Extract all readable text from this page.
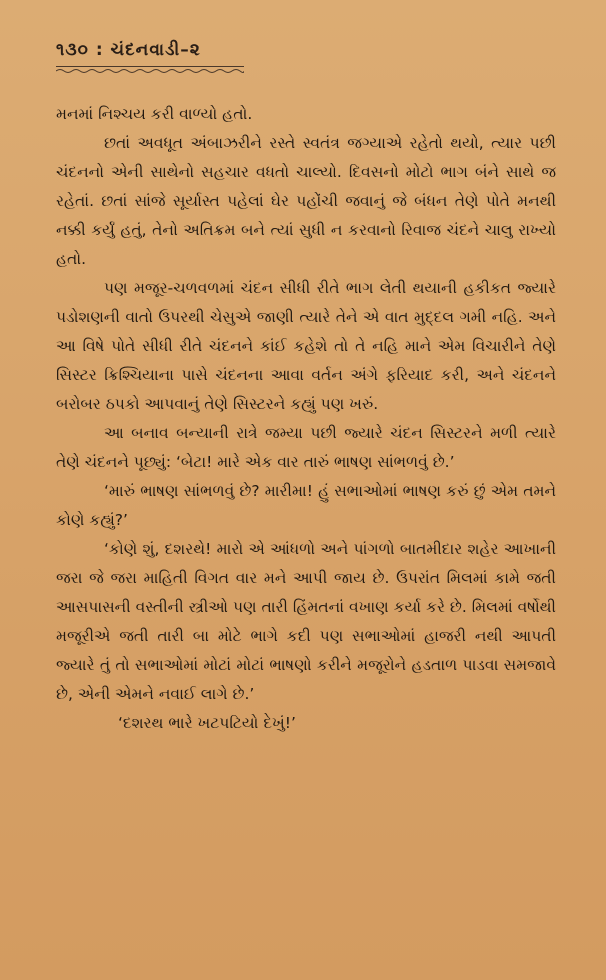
૧૩૦ : ચંદનવાડી–૨

મનમાં નિશ્ચય કરી વાળ્યો હતો.

છતાં અવધૂત અંબાઝરીને રસ્તે સ્વતંત્ર જગ્યાએ રહેતો થયો, ત્યાર પછી ચંદનનો એની સાથેનો સહચાર વધતો ચાલ્યો. દિવસનો મોટો ભાગ બંને સાથે જ રહેતાં. છતાં સાંજે સૂર્યાસ્ત પહેલાં ઘેર પહોંચી જવાનું જે બંધન તેણે પોતે મનથી નક્કી કર્યું હતું, તેનો અતિક્રમ બને ત્યાં સુધી ન કરવાનો રિવાજ ચંદને ચાલુ રાખ્યો હતો.

પણ મજૂર-ચળવળમાં ચંદન સીધી રીતે ભાગ લેતી થયાની હકીકત જ્યારે પડોશણની વાતો ઉપરથી ચેસુએ જાણી ત્યારે તેને એ વાત મુદ્દલ ગમી નહિ. અને આ વિષે પોતે સીધી રીતે ચંદનને કાંઈ કહેશે તો તે નહિ માને એમ વિચારીને તેણે સિસ્ટર ક્રિશ્ચિયાના પાસે ચંદનના આવા વર્તન અંગે ફરિયાદ કરી, અને ચંદનને બરોબર ઠપકો આપવાનું તેણે સિસ્ટરને કહ્યું પણ ખરું.

આ બનાવ બન્યાની રાત્રે જમ્યા પછી જ્યારે ચંદન સિસ્ટરને મળી ત્યારે તેણે ચંદનને પૂછ્યું: ‘બેટા! મારે એક વાર તારું ભાષણ સાંભળવું છે.’

‘મારું ભાષણ સાંભળવું છે? મારીમા! હું સભાઓમાં ભાષણ કરું છું એમ તમને કોણે કહ્યું?’

‘કોણે શું, દશરથે! મારો એ આંધળો અને પાંગળો બાતમીદાર શહેર આખાની જરા જે જરા માહિતી વિગત વાર મને આપી જાય છે. ઉપરાંત મિલમાં કામે જતી આસપાસની વસ્તીની સ્ત્રીઓ પણ તારી હિંમતનાં વખાણ કર્યા કરે છે. મિલમાં વર્ષોથી મજૂરીએ જતી તારી બા મોટે ભાગે કદી પણ સભાઓમાં હાજરી નથી આપતી જ્યારે તું તો સભાઓમાં મોટાં મોટાં ભાષણો કરીને મજૂરોને હડતાળ પાડવા સમજાવે છે, એની એમને નવાઈ લાગે છે.’

‘દશરથ ભારે ખટપટિયો દેખું!’
